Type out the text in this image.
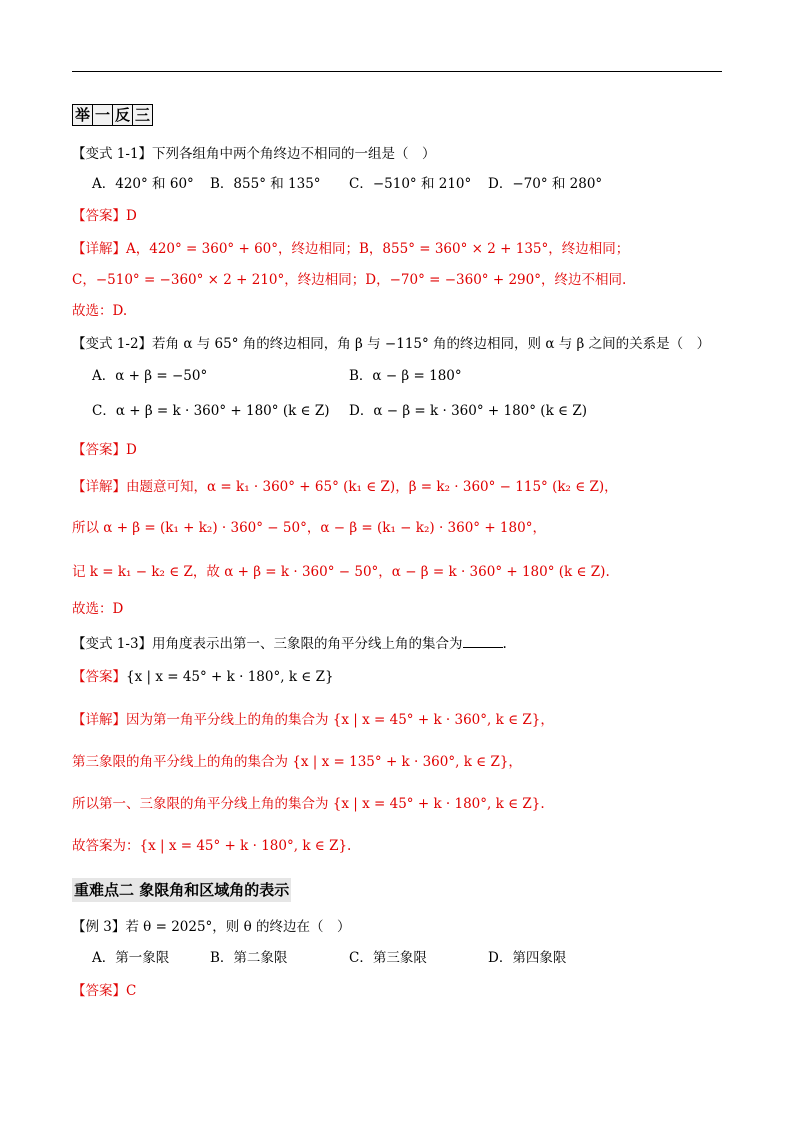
举 一 反 三
【变式 1-1】下列各组角中两个角终边不相同的一组是（　）
A．420° 和 60° B．855° 和 135° C．−510° 和 210° D．−70° 和 280°
【答案】D
【详解】A，420° = 360° + 60°，终边相同；B，855° = 360° × 2 + 135°，终边相同；
C，−510° = −360° × 2 + 210°，终边相同；D，−70° = −360° + 290°，终边不相同.
故选：D.
【变式 1-2】若角 α 与 65° 角的终边相同，角 β 与 −115° 角的终边相同，则 α 与 β 之间的关系是（　）
A．α + β = −50°	B．α − β = 180°
C．α + β = k · 360° + 180° (k ∈ Z) D．α − β = k · 360° + 180° (k ∈ Z)
【答案】D
【详解】由题意可知，α = k₁ · 360° + 65° (k₁ ∈ Z)，β = k₂ · 360° − 115° (k₂ ∈ Z)，
所以 α + β = (k₁ + k₂) · 360° − 50°，α − β = (k₁ − k₂) · 360° + 180°，
记 k = k₁ − k₂ ∈ Z，故 α + β = k · 360° − 50°，α − β = k · 360° + 180° (k ∈ Z).
故选：D
【变式 1-3】用角度表示出第一、三象限的角平分线上角的集合为	.
【答案】{x | x = 45° + k · 180°, k ∈ Z}
【详解】因为第一角平分线上的角的集合为 {x | x = 45° + k · 360°, k ∈ Z}，
第三象限的角平分线上的角的集合为 {x | x = 135° + k · 360°, k ∈ Z}，
所以第一、三象限的角平分线上角的集合为 {x | x = 45° + k · 180°, k ∈ Z}.
故答案为：{x | x = 45° + k · 180°, k ∈ Z}.
重难点二 象限角和区域角的表示
【例 3】若 θ = 2025°，则 θ 的终边在（　）
A．第一象限	B．第二象限	C．第三象限	D．第四象限
【答案】C
